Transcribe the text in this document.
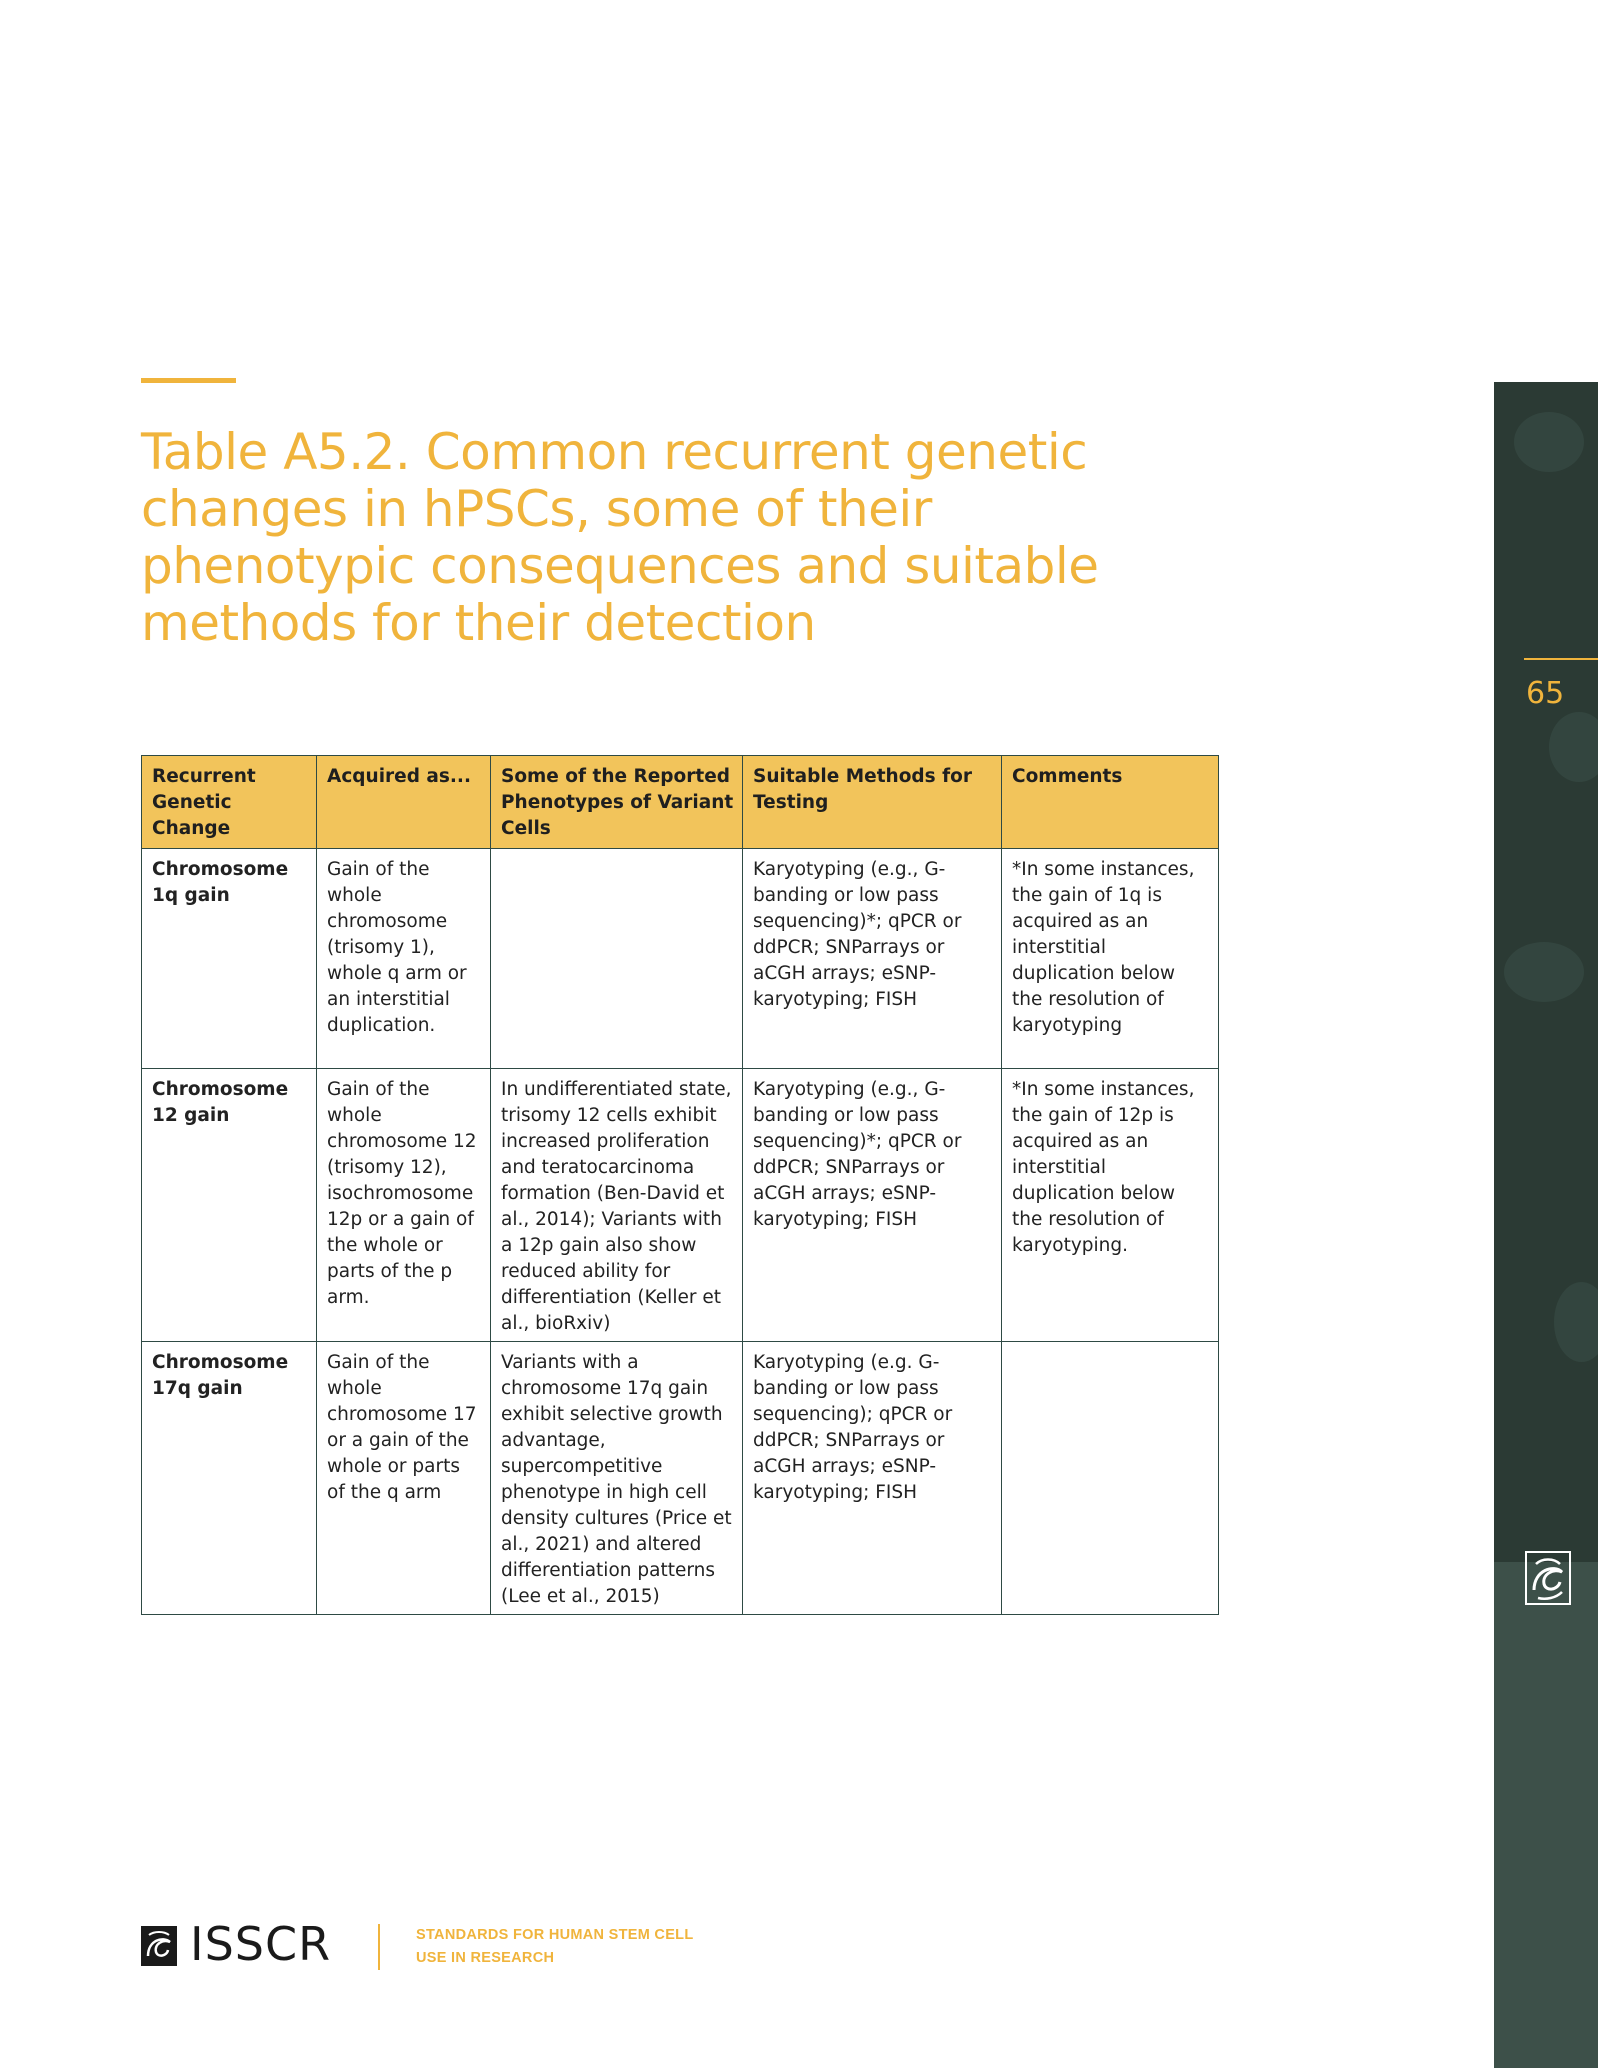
Table A5.2. Common recurrent genetic changes in hPSCs, some of their phenotypic consequences and suitable methods for their detection
65
Recurrent Genetic Change	Acquired as...	Some of the Reported Phenotypes of Variant Cells	Suitable Methods for Testing	Comments
Chromosome 1q gain	Gain of the whole chromosome (trisomy 1), whole q arm or an interstitial duplication.		Karyotyping (e.g., G-banding or low pass sequencing)*; qPCR or ddPCR; SNParrays or aCGH arrays; eSNP-karyotyping; FISH	*In some instances, the gain of 1q is acquired as an interstitial duplication below the resolution of karyotyping
Chromosome 12 gain	Gain of the whole chromosome 12 (trisomy 12), isochromosome 12p or a gain of the whole or parts of the p arm.	In undifferentiated state, trisomy 12 cells exhibit increased proliferation and teratocarcinoma formation (Ben-David et al., 2014); Variants with a 12p gain also show reduced ability for differentiation (Keller et al., bioRxiv)	Karyotyping (e.g., G-banding or low pass sequencing)*; qPCR or ddPCR; SNParrays or aCGH arrays; eSNP-karyotyping; FISH	*In some instances, the gain of 12p is acquired as an interstitial duplication below the resolution of karyotyping.
Chromosome 17q gain	Gain of the whole chromosome 17 or a gain of the whole or parts of the q arm	Variants with a chromosome 17q gain exhibit selective growth advantage, supercompetitive phenotype in high cell density cultures (Price et al., 2021) and altered differentiation patterns (Lee et al., 2015)	Karyotyping (e.g. G-banding or low pass sequencing); qPCR or ddPCR; SNParrays or aCGH arrays; eSNP-karyotyping; FISH	
ISSCR	STANDARDS FOR HUMAN STEM CELL
USE IN RESEARCH
